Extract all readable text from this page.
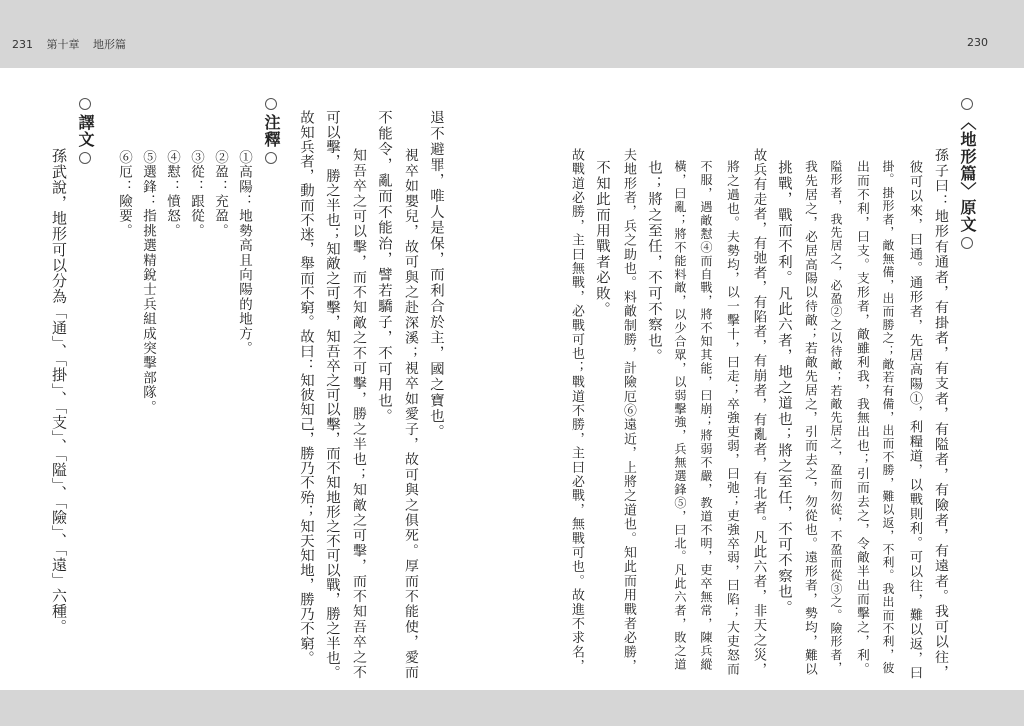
231 第十章 地形篇	230
〈地形篇〉原文
孫子曰：地形有通者，有掛者，有支者，有隘者，有險者，有遠者。我可以往，
彼可以來，曰通。通形者，先居高陽①，利糧道，以戰則利。可以往，難以返，曰
掛。掛形者，敵無備，出而勝之；敵若有備，出而不勝，難以返，不利。我出而不利，彼
出而不利，曰支。支形者，敵雖利我，我無出也；引而去之，令敵半出而擊之，利。
隘形者，我先居之，必盈②之以待敵；若敵先居之，盈而勿從，不盈而從③之。險形者，
我先居之，必居高陽以待敵；若敵先居之，引而去之，勿從也。遠形者，勢均，難以
挑戰，戰而不利。凡此六者，地之道也；將之至任，不可不察也。
故兵有走者，有弛者，有陷者，有崩者，有亂者，有北者。凡此六者，非天之災，
將之過也。夫勢均，以一擊十，曰走；卒強吏弱，曰弛；吏強卒弱，曰陷；大吏怒而
不服，遇敵懟④而自戰，將不知其能，曰崩；將弱不嚴，教道不明，吏卒無常，陳兵縱
橫，曰亂；將不能料敵，以少合眾，以弱擊強，兵無選鋒⑤，曰北。凡此六者，敗之道
也；將之至任，不可不察也。
夫地形者，兵之助也。料敵制勝，計險厄⑥遠近，上將之道也。知此而用戰者必勝，
不知此而用戰者必敗。
故戰道必勝，主曰無戰，必戰可也；戰道不勝，主曰必戰，無戰可也。故進不求名，
退不避罪，唯人是保，而利合於主，國之寶也。
視卒如嬰兒，故可與之赴深溪；視卒如愛子，故可與之俱死。厚而不能使，愛而
不能令，亂而不能治，譬若驕子，不可用也。
知吾卒之可以擊，而不知敵之不可擊，勝之半也；知敵之可擊，而不知吾卒之不
可以擊，勝之半也；知敵之可擊，知吾卒之可以擊，而不知地形之不可以戰，勝之半也。
故知兵者，動而不迷，舉而不窮。故曰：知彼知己，勝乃不殆；知天知地，勝乃不窮。
注釋
①高陽：地勢高且向陽的地方。
②盈：充盈。
③從：跟從。
④懟：憤怒。
⑤選鋒：指挑選精銳士兵組成突擊部隊。
⑥厄：險要。
譯文
孫武說，地形可以分為「通」、「掛」、「支」、「隘」、「險」、「遠」六種。
